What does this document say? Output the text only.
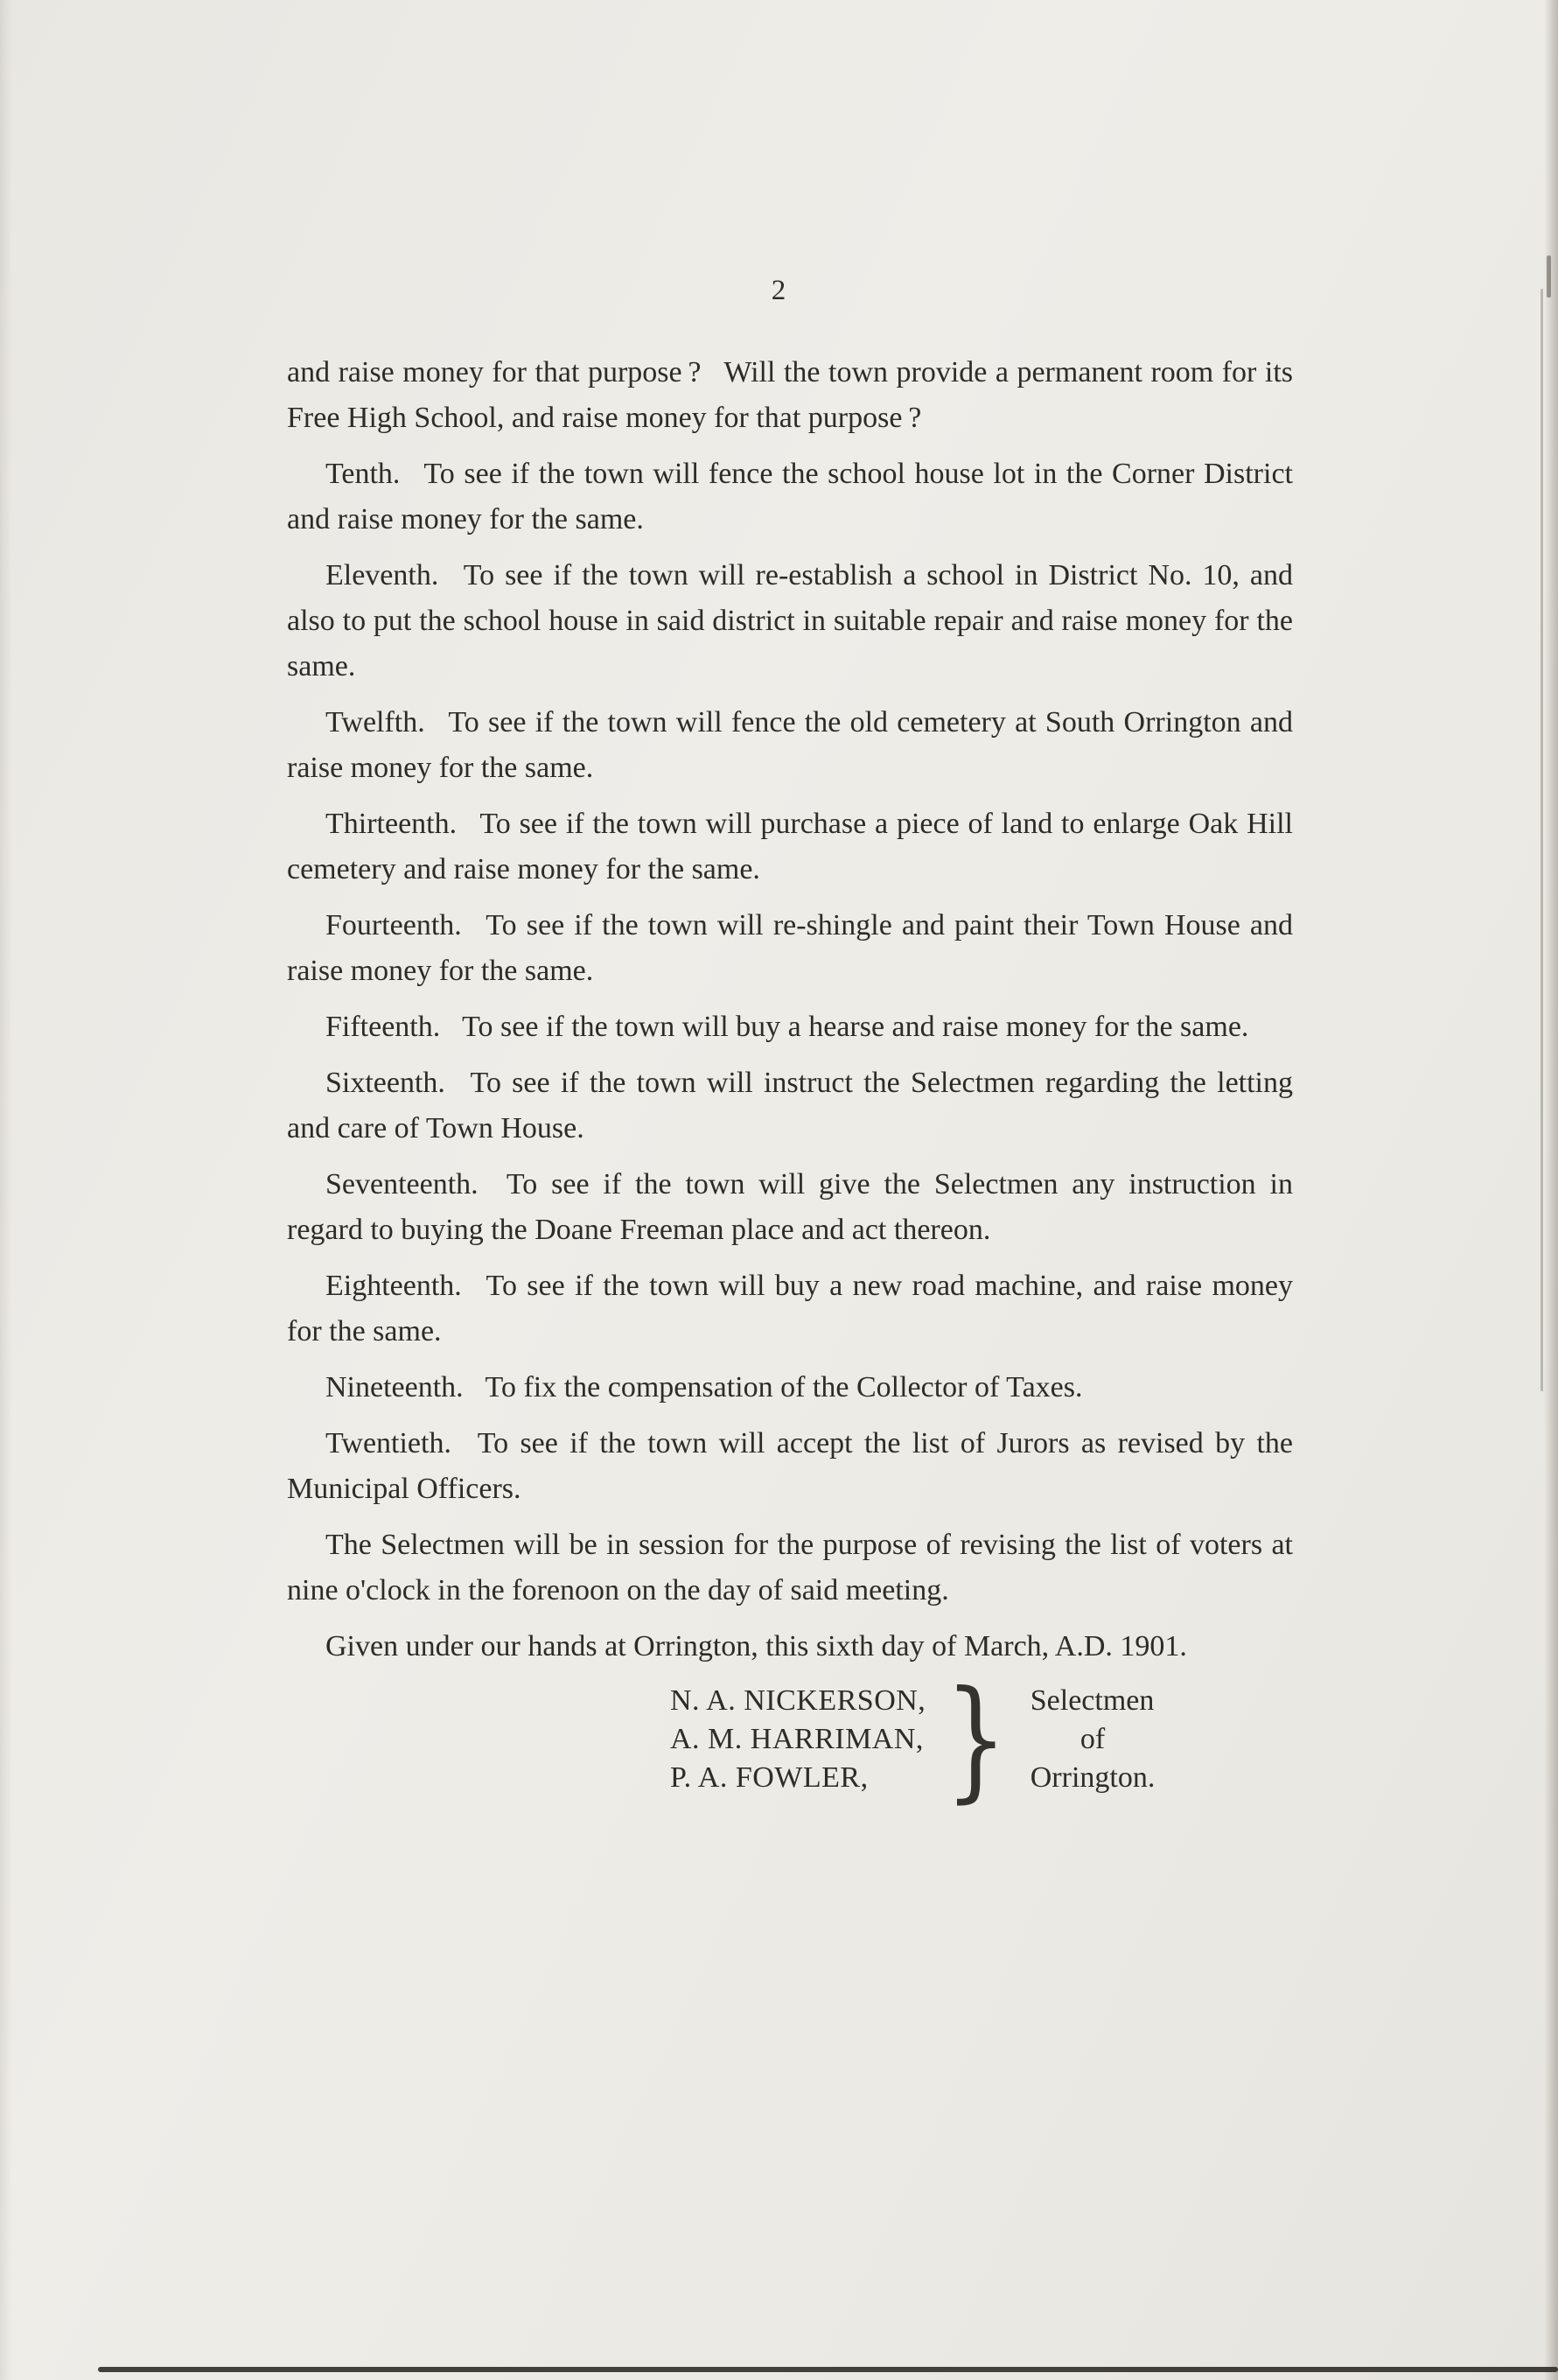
2

and raise money for that purpose ?  Will the town provide a permanent room for its Free High School, and raise money for that purpose ?

Tenth.  To see if the town will fence the school house lot in the Corner District and raise money for the same.

Eleventh.  To see if the town will re-establish a school in District No. 10, and also to put the school house in said district in suitable repair and raise money for the same.

Twelfth.  To see if the town will fence the old cemetery at South Orrington and raise money for the same.

Thirteenth.  To see if the town will purchase a piece of land to enlarge Oak Hill cemetery and raise money for the same.

Fourteenth.  To see if the town will re-shingle and paint their Town House and raise money for the same.

Fifteenth.  To see if the town will buy a hearse and raise money for the same.

Sixteenth.  To see if the town will instruct the Selectmen regarding the letting and care of Town House.

Seventeenth.  To see if the town will give the Selectmen any instruction in regard to buying the Doane Freeman place and act thereon.

Eighteenth.  To see if the town will buy a new road machine, and raise money for the same.

Nineteenth.  To fix the compensation of the Collector of Taxes.

Twentieth.  To see if the town will accept the list of Jurors as revised by the Municipal Officers.

The Selectmen will be in session for the purpose of revising the list of voters at nine o'clock in the forenoon on the day of said meeting.

Given under our hands at Orrington, this sixth day of March, A.D. 1901.

N. A. NICKERSON,
A. M. HARRIMAN,
P. A. FOWLER, } Selectmen
of
Orrington.
